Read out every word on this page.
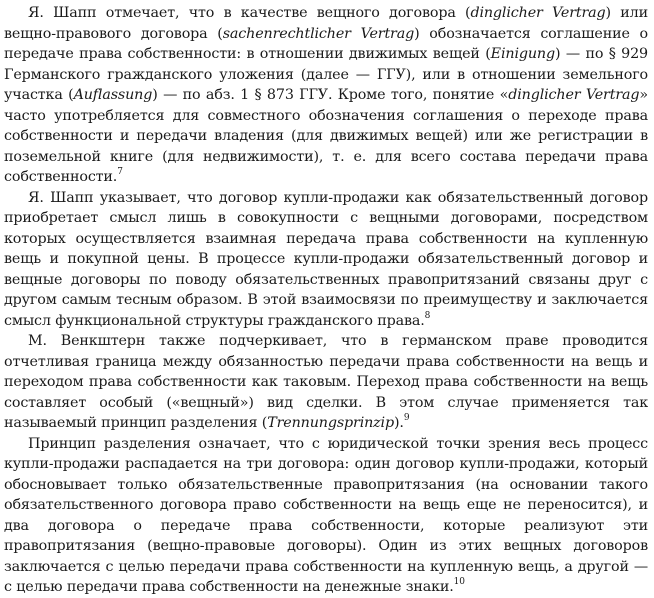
Я. Шапп отмечает, что в качестве вещного договора (dinglicher Vertrag) или вещно-правового договора (sachenrechtlicher Vertrag) обозначается соглашение о передаче права собственности: в отношении движимых вещей (Einigung) — по § 929 Германского гражданского уложения (далее — ГГУ), или в отношении земельного участка (Auflassung) — по абз. 1 § 873 ГГУ. Кроме того, понятие «dinglicher Vertrag» часто употребляется для совместного обозначения соглашения о переходе права собственности и передачи владения (для движимых вещей) или же регистрации в поземельной книге (для недвижимости), т. е. для всего состава передачи права собственности.$^7$

Я. Шапп указывает, что договор купли-продажи как обязательственный договор приобретает смысл лишь в совокупности с вещными договорами, посредством которых осуществляется взаимная передача права собственности на купленную вещь и покупной цены. В процессе купли-продажи обязательственный договор и вещные договоры по поводу обязательственных правопритязаний связаны друг с другом самым тесным образом. В этой взаимосвязи по преимуществу и заключается смысл функциональной структуры гражданского права.$^8$

М. Венкштерн также подчеркивает, что в германском праве проводится отчетливая граница между обязанностью передачи права собственности на вещь и переходом права собственности как таковым. Переход права собственности на вещь составляет особый («вещный») вид сделки. В этом случае применяется так называемый принцип разделения (Trennungsprinzip).$^9$

Принцип разделения означает, что с юридической точки зрения весь процесс купли-продажи распадается на три договора: один договор купли-продажи, который обосновывает только обязательственные правопритязания (на основании такого обязательственного договора право собственности на вещь еще не переносится), и два договора о передаче права собственности, которые реализуют эти правопритязания (вещно-правовые договоры). Один из этих вещных договоров заключается с целью передачи права собственности на купленную вещь, а другой — с целью передачи права собственности на денежные знаки.$^{10}$
